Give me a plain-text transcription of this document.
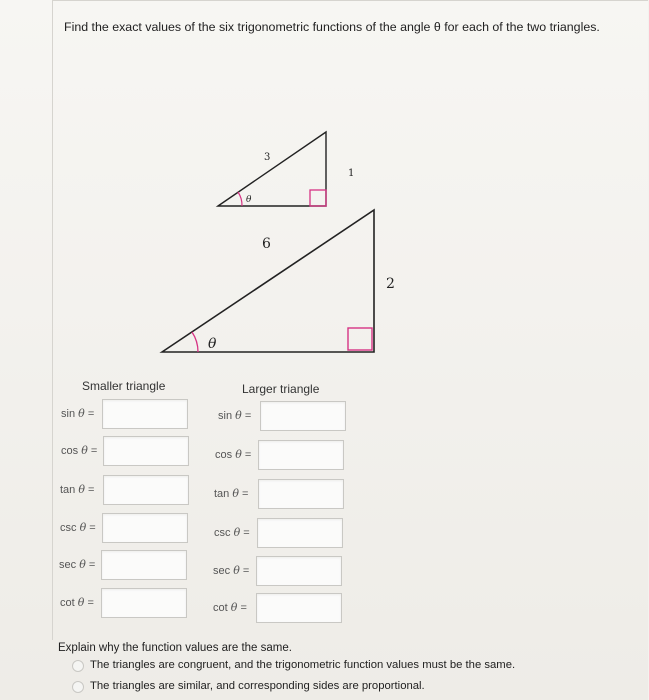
Find the exact values of the six trigonometric functions of the angle θ for each of the two triangles.
3
1
θ
6
2
θ
Smaller triangle	Larger triangle
sin θ =
cos θ =
tan θ =
csc θ =
sec θ =
cot θ =
sin θ =
cos θ =
tan θ =
csc θ =
sec θ =
cot θ =
Explain why the function values are the same.
The triangles are congruent, and the trigonometric function values must be the same.
The triangles are similar, and corresponding sides are proportional.
